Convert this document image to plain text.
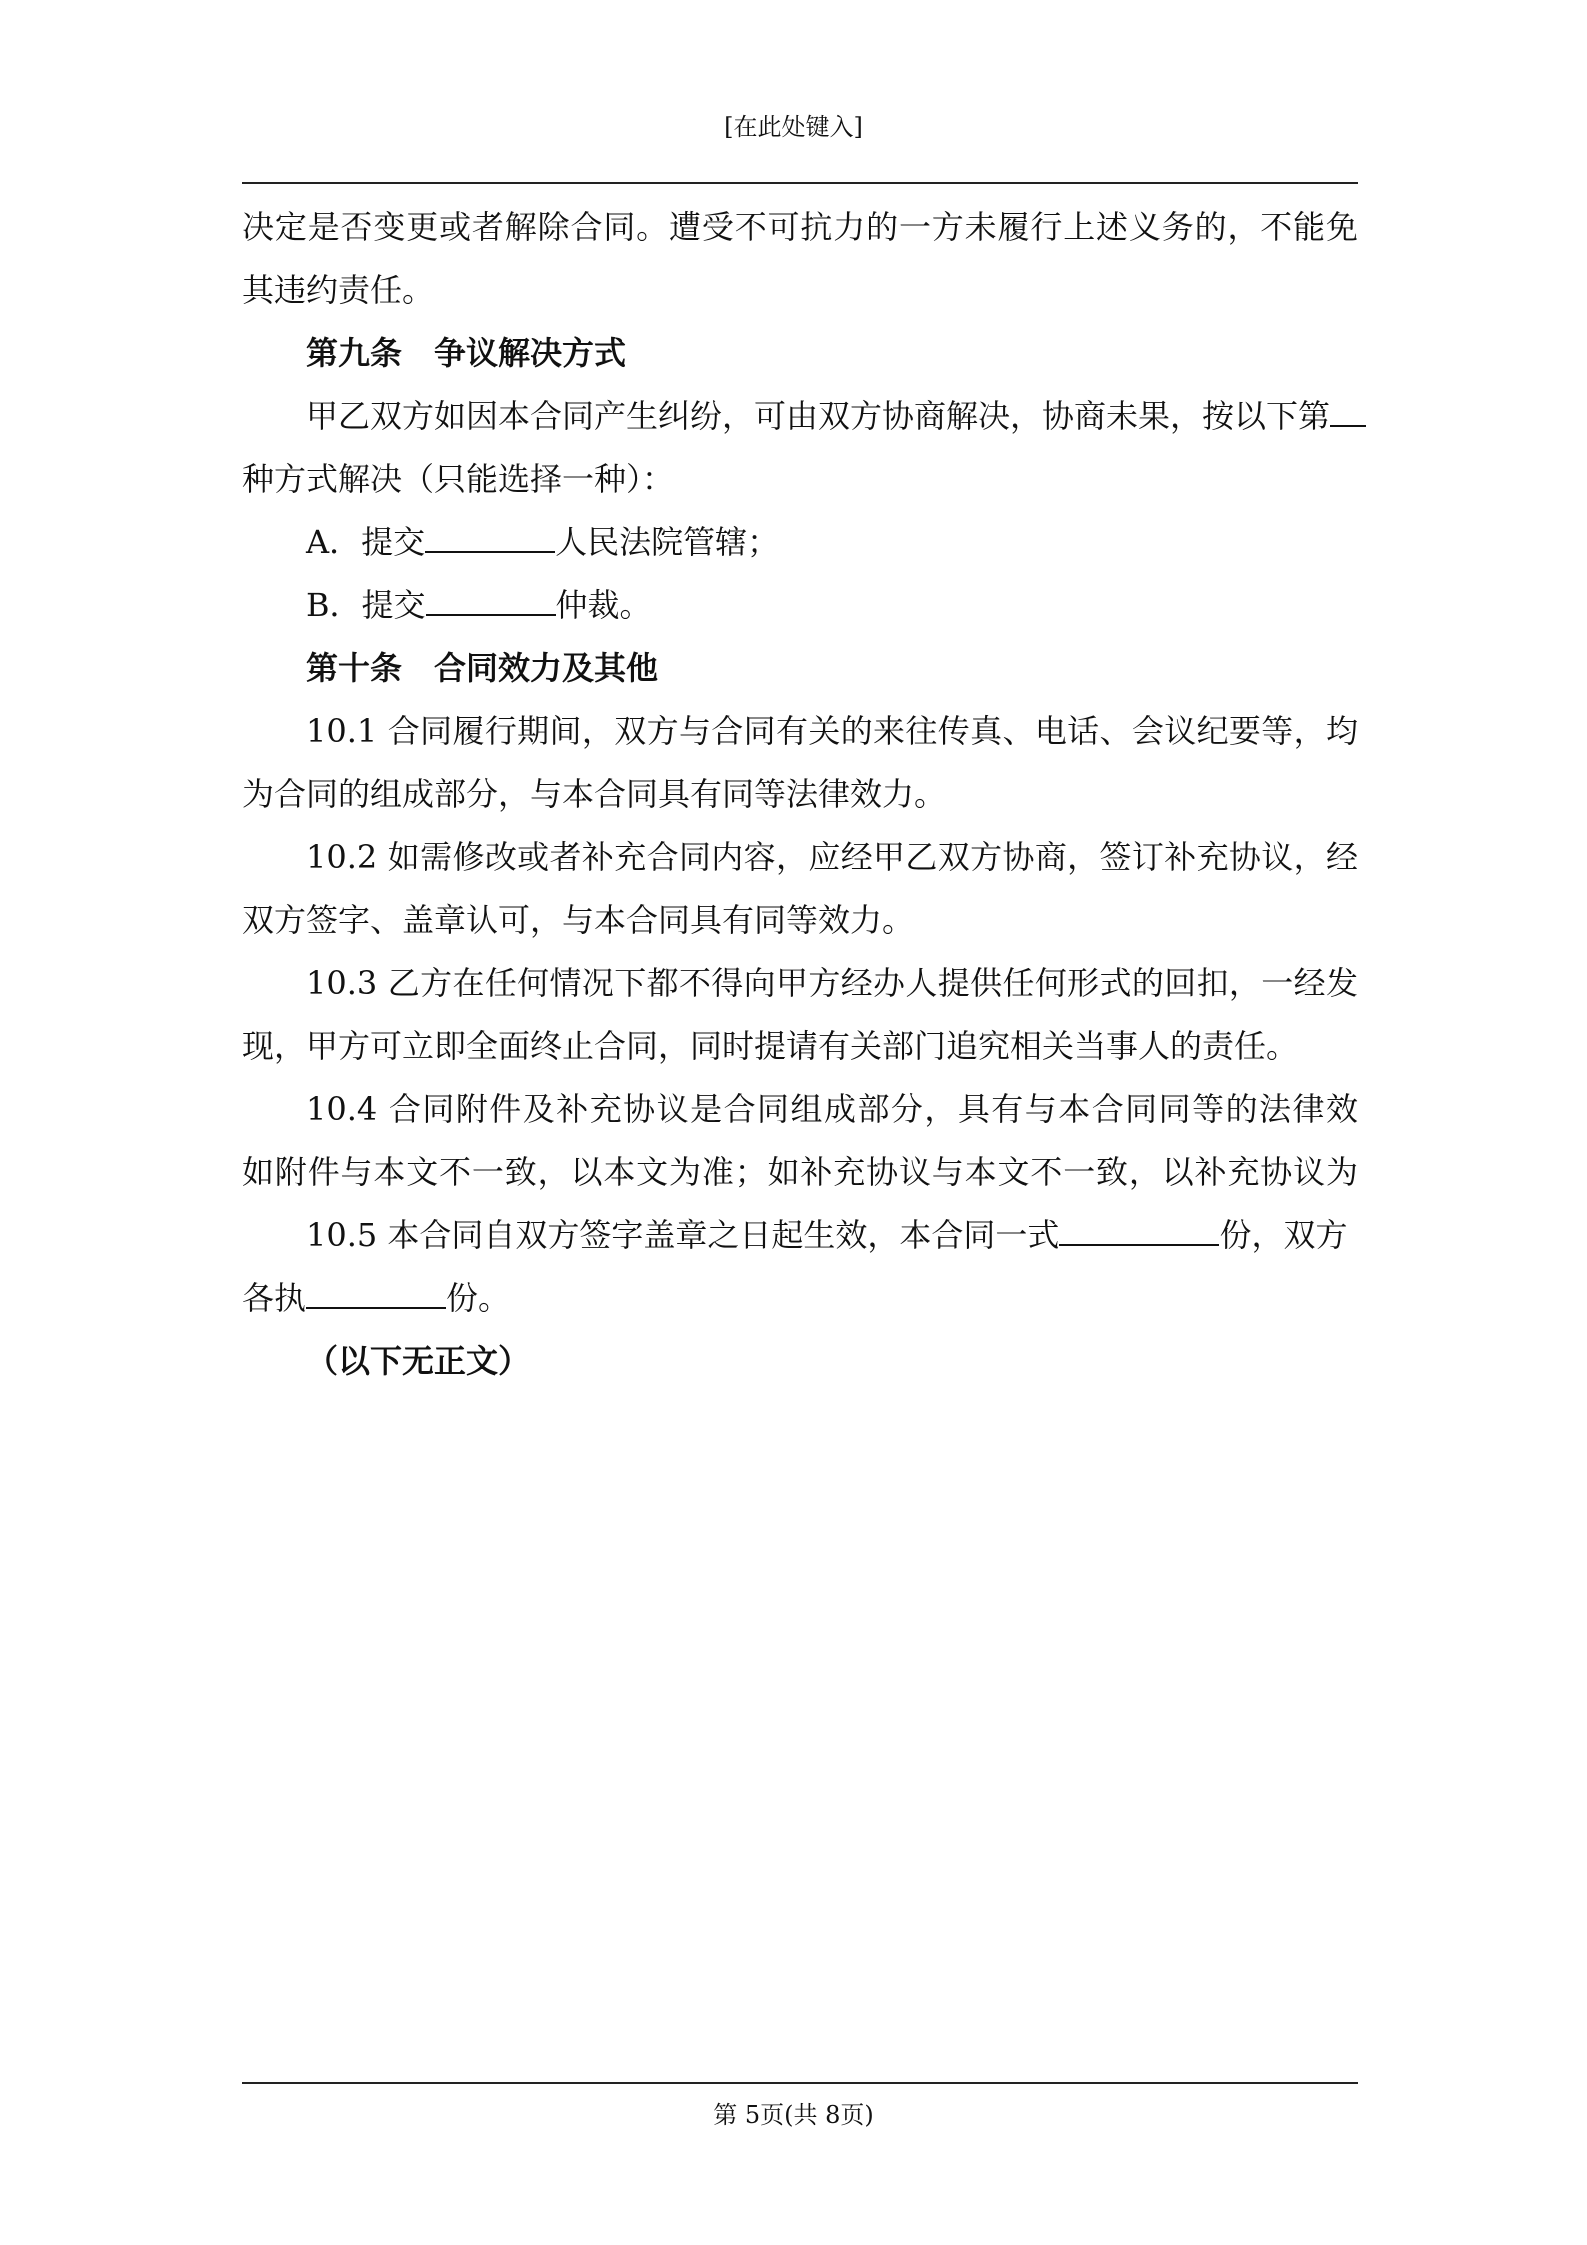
[在此处键入]
决定是否变更或者解除合同。遭受不可抗力的一方未履行上述义务的，不能免
其违约责任。
第九条 争议解决方式
甲乙双方如因本合同产生纠纷，可由双方协商解决，协商未果，按以下第
种方式解决（只能选择一种）：
A．提交	人民法院管辖；
B．提交	仲裁。
第十条 合同效力及其他
10.1 合同履行期间，双方与合同有关的来往传真、电话、会议纪要等，均
为合同的组成部分，与本合同具有同等法律效力。
10.2 如需修改或者补充合同内容，应经甲乙双方协商，签订补充协议，经
双方签字、盖章认可，与本合同具有同等效力。
10.3 乙方在任何情况下都不得向甲方经办人提供任何形式的回扣，一经发
现，甲方可立即全面终止合同，同时提请有关部门追究相关当事人的责任。
10.4 合同附件及补充协议是合同组成部分，具有与本合同同等的法律效
如附件与本文不一致，以本文为准；如补充协议与本文不一致，以补充协议为
10.5 本合同自双方签字盖章之日起生效，本合同一式	份，双方
各执	份。
（以下无正文）
第 5页(共 8页)
